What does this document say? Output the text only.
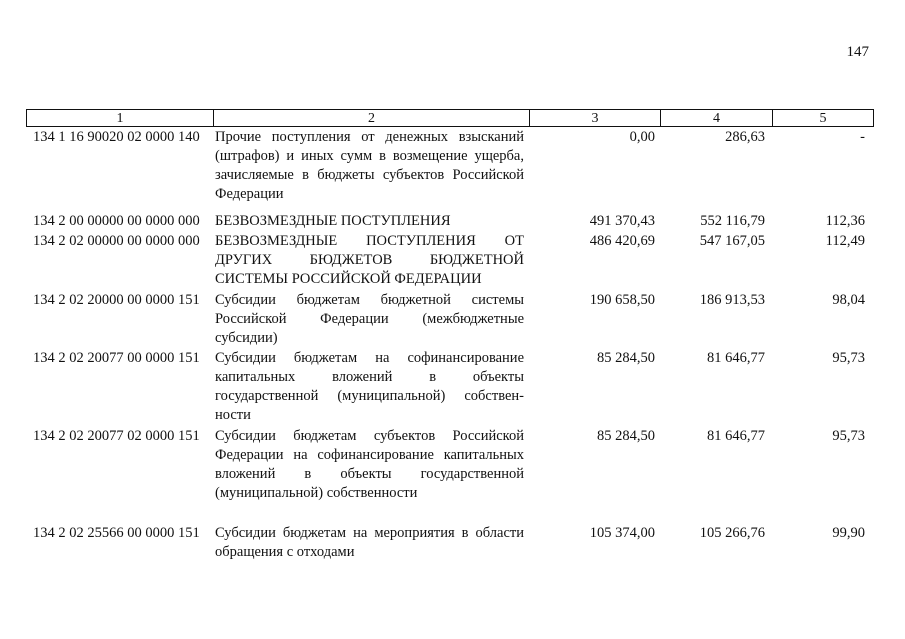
147
1	2	3	4	5
134 1 16 90020 02 0000 140	Прочие поступления от денежных взысканий
(штрафов) и иных сумм в возмещение ущерба,
зачисляемые в бюджеты субъектов Российской
Федерации
0,00	286,63	-
134 2 00 00000 00 0000 000	БЕЗВОЗМЕЗДНЫЕ ПОСТУПЛЕНИЯ	491 370,43	552 116,79	112,36
134 2 02 00000 00 0000 000	БЕЗВОЗМЕЗДНЫЕ ПОСТУПЛЕНИЯ ОТ
ДРУГИХ БЮДЖЕТОВ БЮДЖЕТНОЙ
СИСТЕМЫ РОССИЙСКОЙ ФЕДЕРАЦИИ
486 420,69	547 167,05	112,49
134 2 02 20000 00 0000 151	Субсидии бюджетам бюджетной системы
Российской Федерации (межбюджетные
субсидии)
190 658,50	186 913,53	98,04
134 2 02 20077 00 0000 151	Субсидии бюджетам на софинансирование
капитальных вложений в объекты
государственной (муниципальной) собствен-
ности
85 284,50	81 646,77	95,73
134 2 02 20077 02 0000 151	Субсидии бюджетам субъектов Российской
Федерации на софинансирование капитальных
вложений в объекты государственной
(муниципальной) собственности
85 284,50	81 646,77	95,73
134 2 02 25566 00 0000 151	Субсидии бюджетам на мероприятия в области
обращения с отходами
105 374,00	105 266,76	99,90
